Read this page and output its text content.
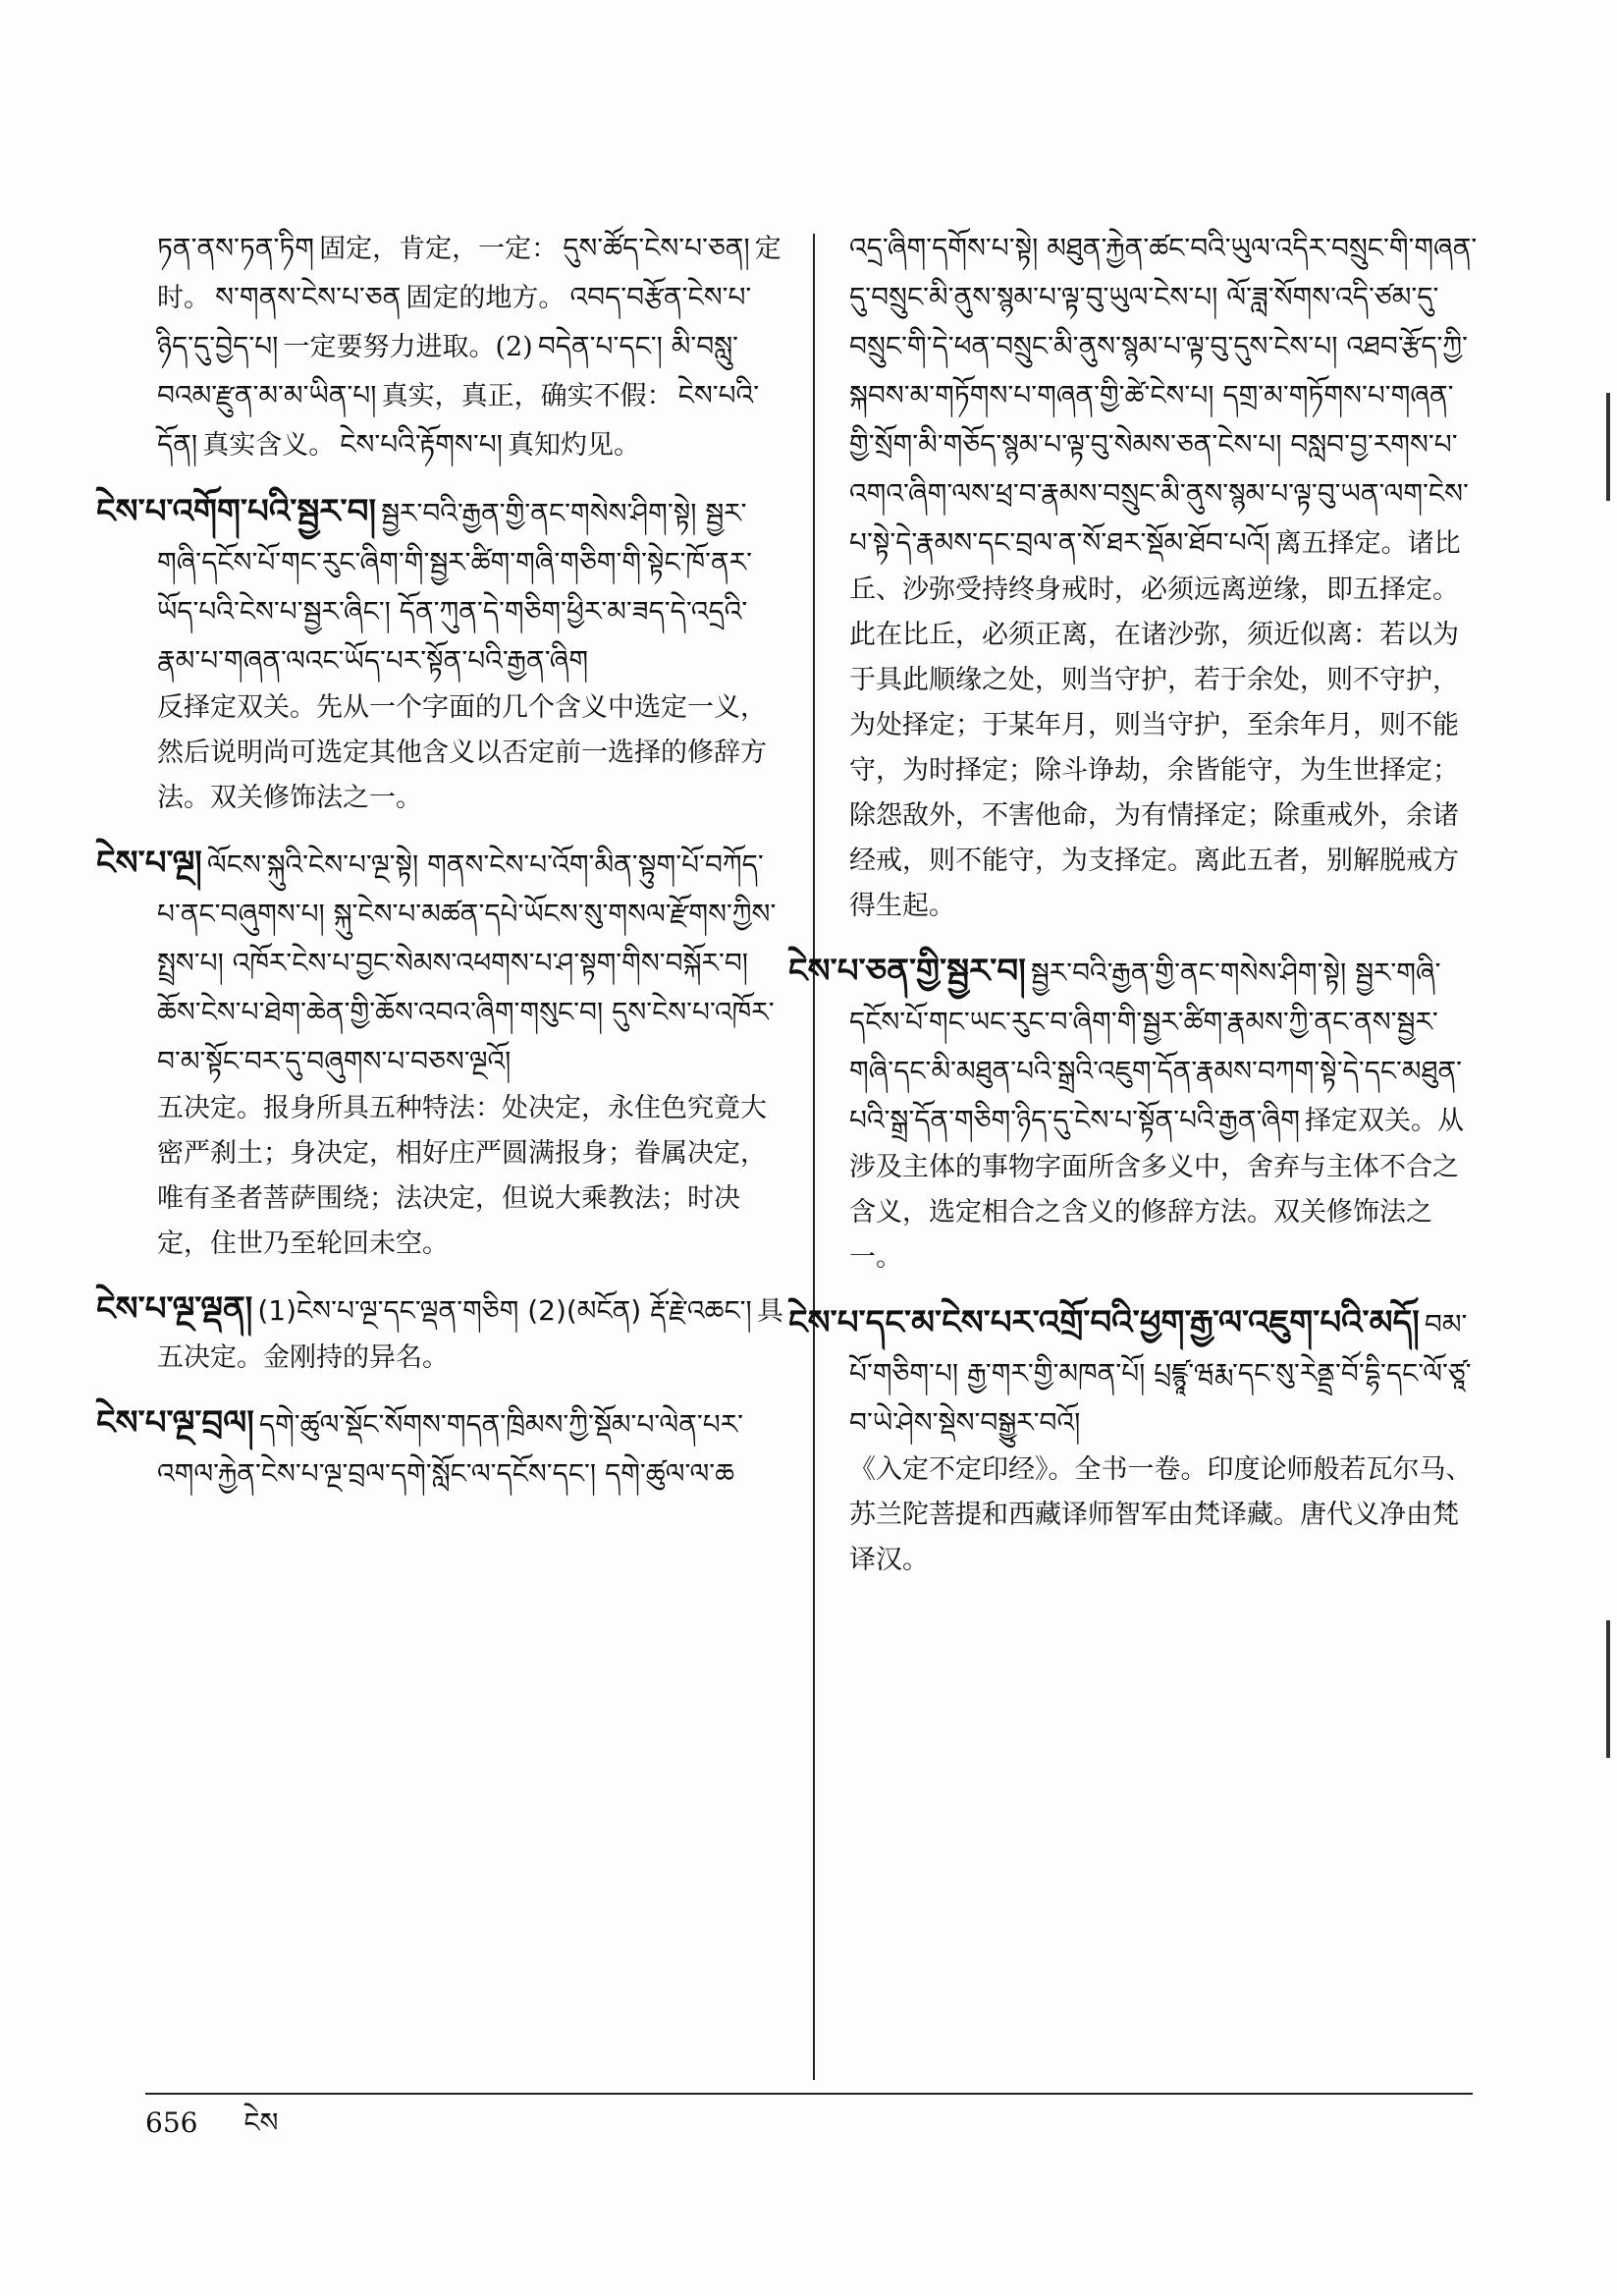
ཏན་ནས་ཏན་ཏིག 固定，肯定，一定： དུས་ཚོད་ངེས་པ་ཅན། 定时。 ས་གནས་ངེས་པ་ཅན 固定的地方。 འབད་བརྩོན་ངེས་པ་ཉིད་དུ་བྱེད་པ། 一定要努力进取。(2) བདེན་པ་དང་། མི་བསླུ་བའམ་རྫུན་མ་མ་ཡིན་པ། 真实，真正，确实不假： ངེས་པའི་དོན། 真实含义。 ངེས་པའི་རྟོགས་པ། 真知灼见。
ངེས་པ་འགོག་པའི་སྦྱར་བ། སྦྱར་བའི་རྒྱན་གྱི་ནང་གསེས་ཤིག་སྟེ། སྦྱར་གཞི་དངོས་པོ་གང་རུང་ཞིག་གི་སྦྱར་ཚིག་གཞི་གཅིག་གི་སྟེང་ཁོ་ནར་ཡོད་པའི་ངེས་པ་སྦྱར་ཞིང་། དོན་ཀུན་དེ་གཅིག་ཕྱིར་མ་ཟད་དེ་འདྲའི་རྣམ་པ་གཞན་ལའང་ཡོད་པར་སྟོན་པའི་རྒྱན་ཞིག
反择定双关。先从一个字面的几个含义中选定一义，然后说明尚可选定其他含义以否定前一选择的修辞方法。双关修饰法之一。
ངེས་པ་ལྔ། ལོངས་སྐུའི་ངེས་པ་ལྔ་སྟེ། གནས་ངེས་པ་འོག་མིན་སྟུག་པོ་བཀོད་པ་ནང་བཞུགས་པ། སྐུ་ངེས་པ་མཚན་དཔེ་ཡོངས་སུ་གསལ་རྫོགས་ཀྱིས་སྤྲས་པ། འཁོར་ངེས་པ་བྱང་སེམས་འཕགས་པ་ཤ་སྟག་གིས་བསྐོར་བ། ཆོས་ངེས་པ་ཐེག་ཆེན་གྱི་ཆོས་འབའ་ཞིག་གསུང་བ། དུས་ངེས་པ་འཁོར་བ་མ་སྟོང་བར་དུ་བཞུགས་པ་བཅས་ལྔའོ།
五决定。报身所具五种特法：处决定，永住色究竟大密严刹土；身决定，相好庄严圆满报身；眷属决定，唯有圣者菩萨围绕；法决定，但说大乘教法；时决定，住世乃至轮回未空。
ངེས་པ་ལྔ་ལྡན། (1)ངེས་པ་ལྔ་དང་ལྡན་གཅིག (2)(མངོན) རྡོ་རྗེ་འཆང་། 具五决定。金刚持的异名。
ངེས་པ་ལྔ་བྲལ། དགེ་ཚུལ་སྡོང་སོགས་གདན་ཁྲིམས་ཀྱི་སྡོམ་པ་ལེན་པར་འགལ་རྐྱེན་ངེས་པ་ལྔ་བྲལ་དགེ་སློང་ལ་དངོས་དང་། དགེ་ཚུལ་ལ་ཆ
འདྲ་ཞིག་དགོས་པ་སྟེ། མཐུན་རྐྱེན་ཚང་བའི་ཡུལ་འདིར་བསྲུང་གི་གཞན་དུ་བསྲུང་མི་ནུས་སྙམ་པ་ལྟ་བུ་ཡུལ་ངེས་པ། ལོ་ཟླ་སོགས་འདི་ཙམ་དུ་བསྲུང་གི་དེ་ཕན་བསྲུང་མི་ནུས་སྙམ་པ་ལྟ་བུ་དུས་ངེས་པ། འཐབ་རྩོད་ཀྱི་སྐབས་མ་གཏོགས་པ་གཞན་གྱི་ཚེ་ངེས་པ། དགྲ་མ་གཏོགས་པ་གཞན་གྱི་སྲོག་མི་གཅོད་སྙམ་པ་ལྟ་བུ་སེམས་ཅན་ངེས་པ། བསླབ་བྱ་རགས་པ་འགའ་ཞིག་ལས་ཕྲ་བ་རྣམས་བསྲུང་མི་ནུས་སྙམ་པ་ལྟ་བུ་ཡན་ལག་ངེས་པ་སྟེ་དེ་རྣམས་དང་བྲལ་ན་སོ་ཐར་སྡོམ་ཐོབ་པའོ། 离五择定。诸比丘、沙弥受持终身戒时，必须远离逆缘，即五择定。此在比丘，必须正离，在诸沙弥，须近似离：若以为于具此顺缘之处，则当守护，若于余处，则不守护，为处择定；于某年月，则当守护，至余年月，则不能守，为时择定；除斗诤劫，余皆能守，为生世择定；除怨敌外，不害他命，为有情择定；除重戒外，余诸经戒，则不能守，为支择定。离此五者，别解脱戒方得生起。
ངེས་པ་ཅན་གྱི་སྦྱར་བ། སྦྱར་བའི་རྒྱན་གྱི་ནང་གསེས་ཤིག་སྟེ། སྦྱར་གཞི་དངོས་པོ་གང་ཡང་རུང་བ་ཞིག་གི་སྦྱར་ཚིག་རྣམས་ཀྱི་ནང་ནས་སྦྱར་གཞི་དང་མི་མཐུན་པའི་སྒྲའི་འཇུག་དོན་རྣམས་བཀག་སྟེ་དེ་དང་མཐུན་པའི་སྒྲ་དོན་གཅིག་ཉིད་དུ་ངེས་པ་སྟོན་པའི་རྒྱན་ཞིག 择定双关。从涉及主体的事物字面所含多义中，舍弃与主体不合之含义，选定相合之含义的修辞方法。双关修饰法之一。
ངེས་པ་དང་མ་ངེས་པར་འགྲོ་བའི་ཕྱག་རྒྱ་ལ་འཇུག་པའི་མདོ། བམ་པོ་གཅིག་པ། རྒྱ་གར་གྱི་མཁན་པོ། པྲཛྙཱ་ཝརྨ་དང་སུ་རེནྡྲ་བོ་དྷི་དང་ལོ་ཙཱ་བ་ཡེ་ཤེས་སྡེས་བསྒྱུར་བའོ།
《入定不定印经》。全书一卷。印度论师般若瓦尔马、苏兰陀菩提和西藏译师智军由梵译藏。唐代义净由梵译汉。
656 ངེས
